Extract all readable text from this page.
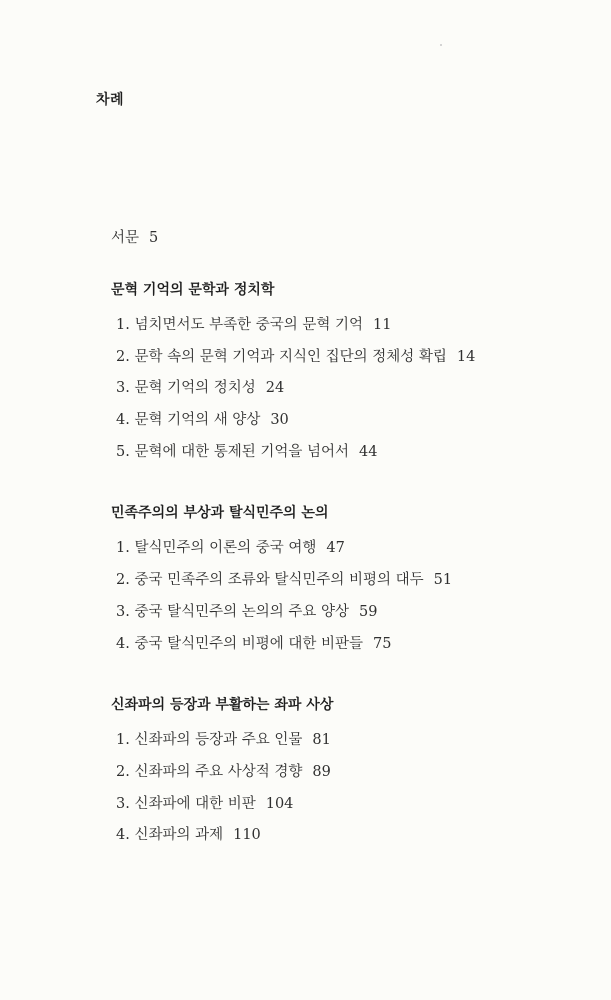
차례
서문 5
문혁 기억의 문학과 정치학
1. 넘치면서도 부족한 중국의 문혁 기억 11
2. 문학 속의 문혁 기억과 지식인 집단의 정체성 확립 14
3. 문혁 기억의 정치성 24
4. 문혁 기억의 새 양상 30
5. 문혁에 대한 통제된 기억을 넘어서 44
민족주의의 부상과 탈식민주의 논의
1. 탈식민주의 이론의 중국 여행 47
2. 중국 민족주의 조류와 탈식민주의 비평의 대두 51
3. 중국 탈식민주의 논의의 주요 양상 59
4. 중국 탈식민주의 비평에 대한 비판들 75
신좌파의 등장과 부활하는 좌파 사상
1. 신좌파의 등장과 주요 인물 81
2. 신좌파의 주요 사상적 경향 89
3. 신좌파에 대한 비판 104
4. 신좌파의 과제 110
